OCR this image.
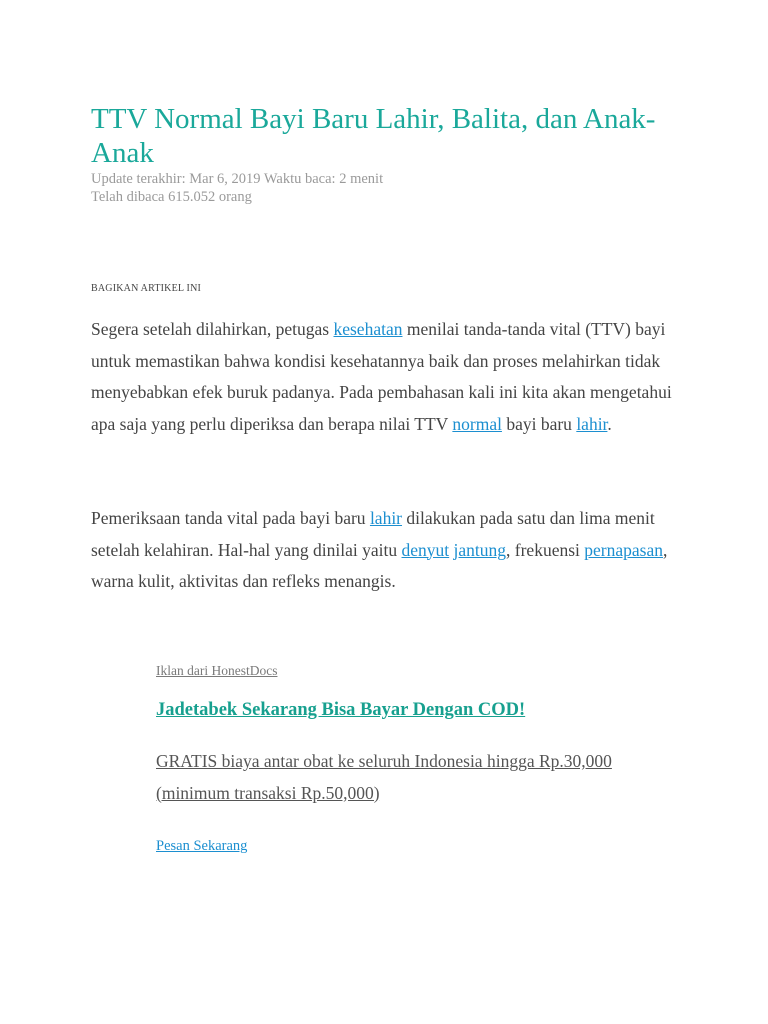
TTV Normal Bayi Baru Lahir, Balita, dan Anak-Anak
Update terakhir: Mar 6, 2019 Waktu baca: 2 menit
Telah dibaca 615.052 orang
BAGIKAN ARTIKEL INI

Segera setelah dilahirkan, petugas kesehatan menilai tanda-tanda vital (TTV) bayi untuk memastikan bahwa kondisi kesehatannya baik dan proses melahirkan tidak menyebabkan efek buruk padanya. Pada pembahasan kali ini kita akan mengetahui apa saja yang perlu diperiksa dan berapa nilai TTV normal bayi baru lahir.

Pemeriksaan tanda vital pada bayi baru lahir dilakukan pada satu dan lima menit setelah kelahiran. Hal-hal yang dinilai yaitu denyut jantung, frekuensi pernapasan, warna kulit, aktivitas dan refleks menangis.

Iklan dari HonestDocs
Jadetabek Sekarang Bisa Bayar Dengan COD!
GRATIS biaya antar obat ke seluruh Indonesia hingga Rp.30,000 (minimum transaksi Rp.50,000)
Pesan Sekarang
